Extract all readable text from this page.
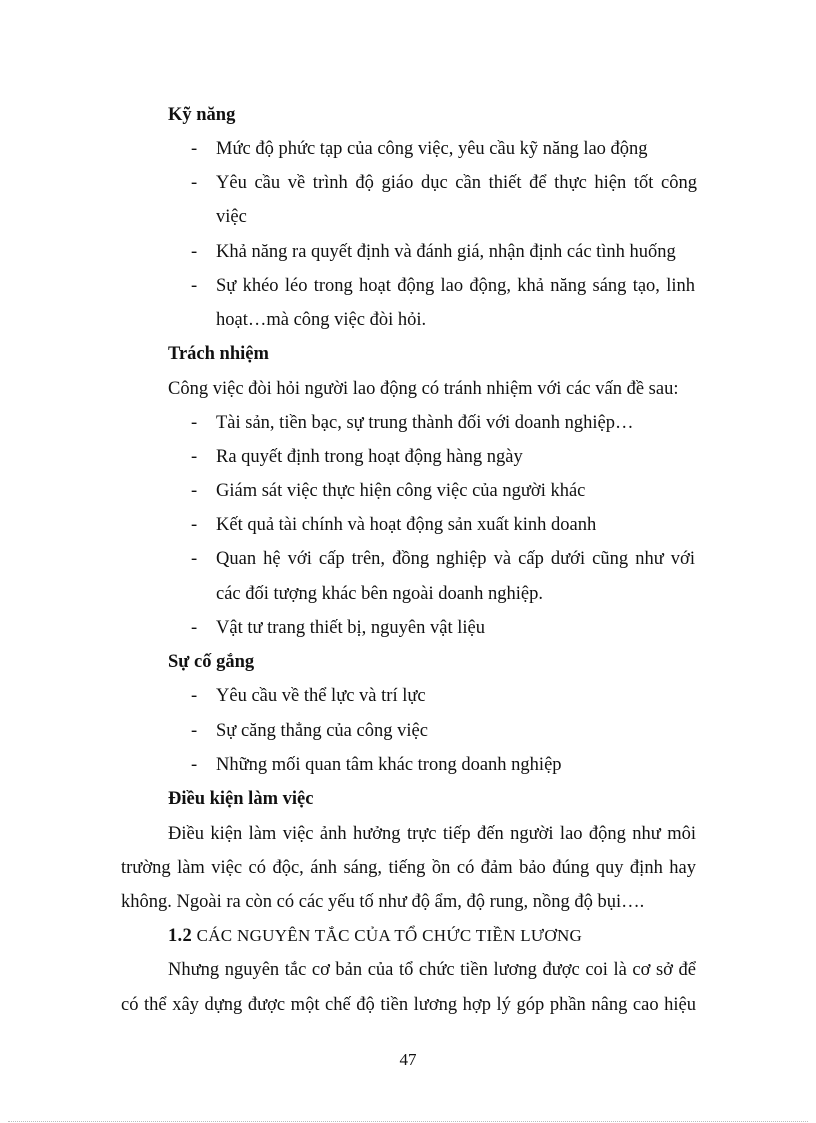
Kỹ năng
- Mức độ phức tạp của công việc, yêu cầu kỹ năng lao động
- Yêu cầu về trình độ giáo dục cần thiết để thực hiện tốt công
việc
- Khả năng ra quyết định và đánh giá, nhận định các tình huống
- Sự khéo léo trong hoạt động lao động, khả năng sáng tạo, linh
hoạt…mà công việc đòi hỏi.
Trách nhiệm
Công việc đòi hỏi người lao động có tránh nhiệm với các vấn đề sau:
- Tài sản, tiền bạc, sự trung thành đối với doanh nghiệp…
- Ra quyết định trong hoạt động hàng ngày
- Giám sát việc thực hiện công việc của người khác
- Kết quả tài chính và hoạt động sản xuất kinh doanh
- Quan hệ với cấp trên, đồng nghiệp và cấp dưới cũng như với
các đối tượng khác bên ngoài doanh nghiệp.
- Vật tư trang thiết bị, nguyên vật liệu
Sự cố gắng
- Yêu cầu về thể lực và trí lực
- Sự căng thẳng của công việc
- Những mối quan tâm khác trong doanh nghiệp
Điều kiện làm việc
Điều kiện làm việc ảnh hưởng trực tiếp đến người lao động như môi
trường làm việc có độc, ánh sáng, tiếng ồn có đảm bảo đúng quy định hay
không. Ngoài ra còn có các yếu tố như độ ẩm, độ rung, nồng độ bụi….
1.2 CÁC NGUYÊN TẮC CỦA TỔ CHỨC TIỀN LƯƠNG
Nhưng nguyên tắc cơ bản của tổ chức tiền lương được coi là cơ sở để
có thể xây dựng được một chế độ tiền lương hợp lý góp phần nâng cao hiệu
47
